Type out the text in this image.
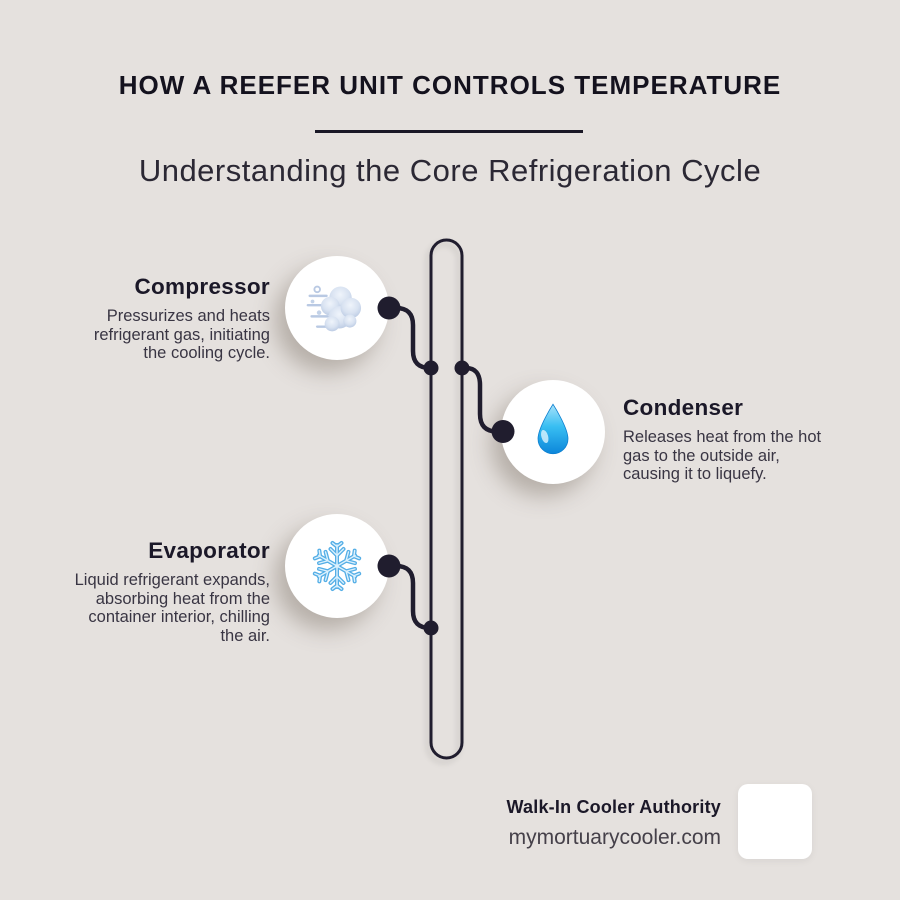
HOW A REEFER UNIT CONTROLS TEMPERATURE
Understanding the Core Refrigeration Cycle
Compressor
Pressurizes and heats
refrigerant gas, initiating
the cooling cycle.
Condenser
Releases heat from the hot
gas to the outside air,
causing it to liquefy.
Evaporator
Liquid refrigerant expands,
absorbing heat from the
container interior, chilling
the air.
Walk-In Cooler Authority
mymortuarycooler.com
